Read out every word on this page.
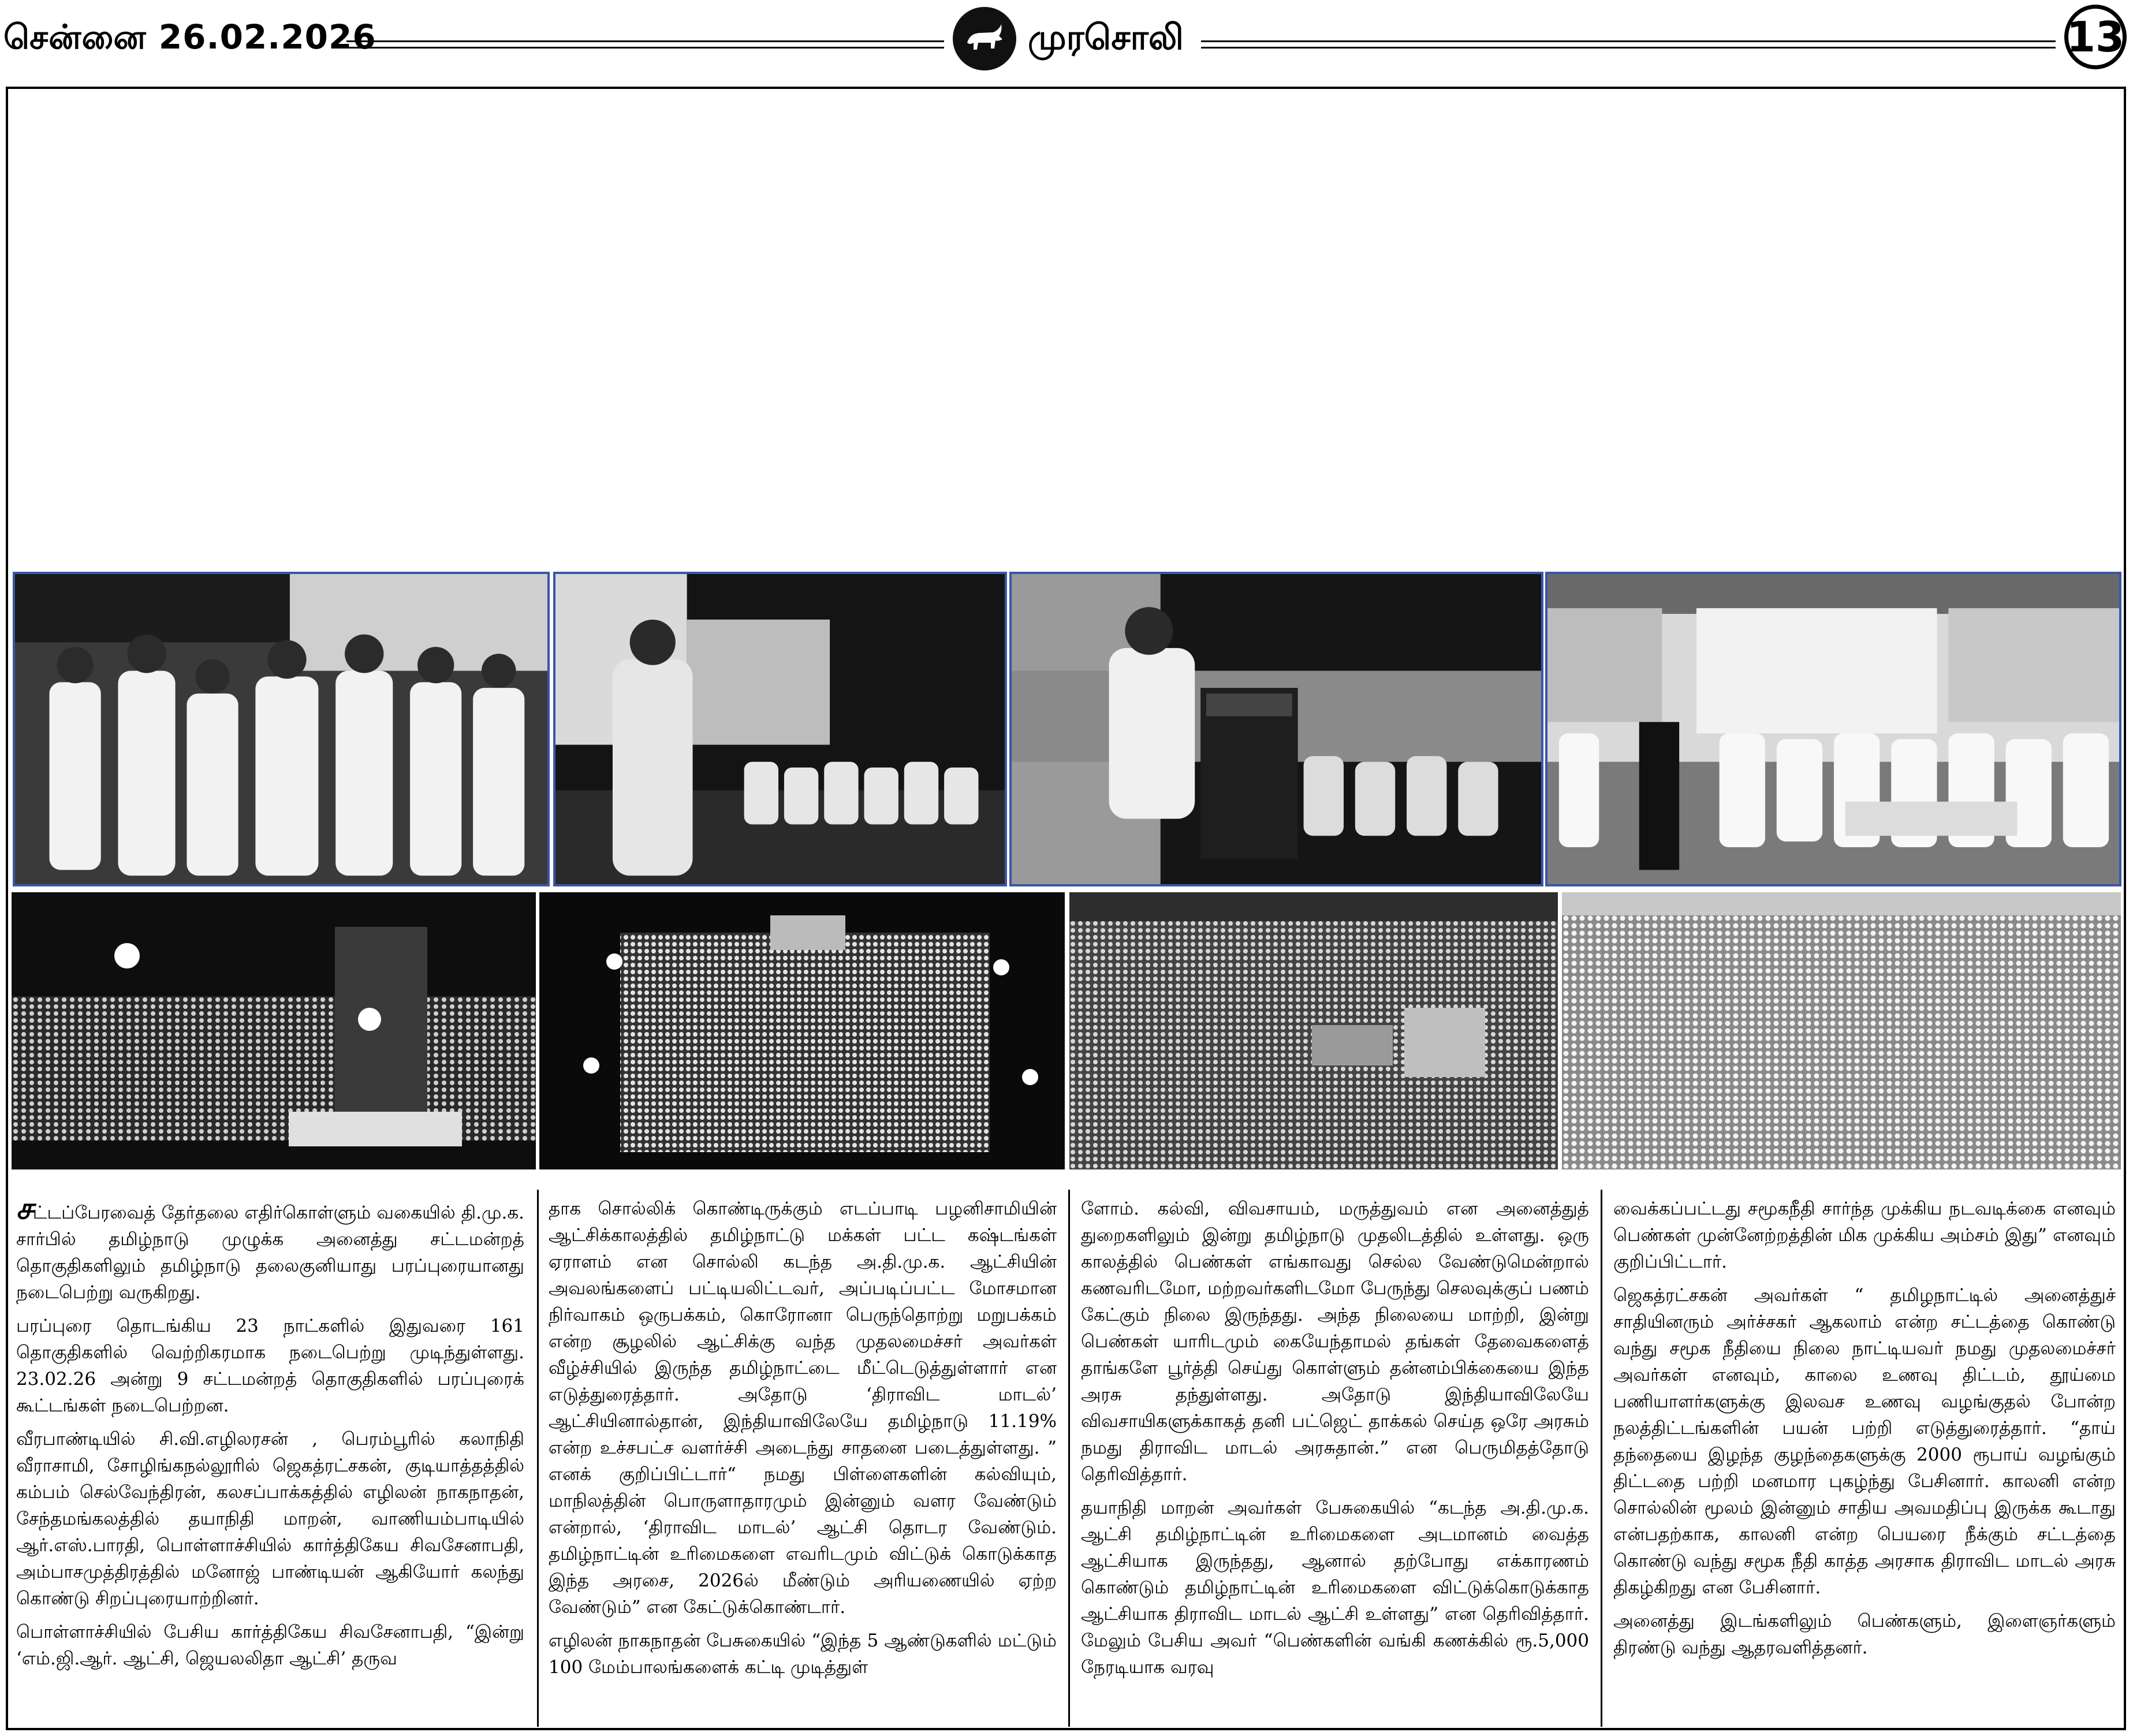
சென்னை 26.02.2026	முரசொலி	13

சட்டப்பேரவைத் தேர்தலை எதிர்கொள்ளும் வகையில் தி.மு.க. சார்பில் தமிழ்நாடு முழுக்க அனைத்து சட்டமன்றத் தொகுதிகளிலும் தமிழ்நாடு தலைகுனியாது பரப்புரையானது நடைபெற்று வருகிறது.

பரப்புரை தொடங்கிய 23 நாட்களில் இதுவரை 161 தொகுதிகளில் வெற்றிகரமாக நடைபெற்று முடிந்துள்ளது. 23.02.26 அன்று 9 சட்டமன்றத் தொகுதிகளில் பரப்புரைக் கூட்டங்கள் நடைபெற்றன.

வீரபாண்டியில் சி.வி.எழிலரசன் , பெரம்பூரில் கலாநிதி வீராசாமி, சோழிங்கநல்லூரில் ஜெகத்ரட்சகன், குடியாத்தத்தில் கம்பம் செல்வேந்திரன், கலசப்பாக்கத்தில் எழிலன் நாகநாதன், சேந்தமங்கலத்தில் தயாநிதி மாறன், வாணியம்பாடியில் ஆர்.எஸ்.பாரதி, பொள்ளாச்சியில் கார்த்திகேய சிவசேனாபதி, அம்பாசமுத்திரத்தில் மனோஜ் பாண்டியன் ஆகியோர் கலந்து கொண்டு சிறப்புரையாற்றினர்.

பொள்ளாச்சியில் பேசிய கார்த்திகேய சிவசேனாபதி, “இன்று ‘எம்.ஜி.ஆர். ஆட்சி, ஜெயலலிதா ஆட்சி’ தருவ

தாக சொல்லிக் கொண்டிருக்கும் எடப்பாடி பழனிசாமியின் ஆட்சிக்காலத்தில் தமிழ்நாட்டு மக்கள் பட்ட கஷ்டங்கள் ஏராளம் என சொல்லி கடந்த அ.தி.மு.க. ஆட்சியின் அவலங்களைப் பட்டியலிட்டவர், அப்படிப்பட்ட மோசமான நிர்வாகம் ஒருபக்கம், கொரோனா பெருந்தொற்று மறுபக்கம் என்ற சூழலில் ஆட்சிக்கு வந்த முதலமைச்சர் அவர்கள் வீழ்ச்சியில் இருந்த தமிழ்நாட்டை மீட்டெடுத்துள்ளார் என எடுத்துரைத்தார். அதோடு ‘திராவிட மாடல்’ ஆட்சியினால்தான், இந்தியாவிலேயே தமிழ்நாடு 11.19% என்ற உச்சபட்ச வளர்ச்சி அடைந்து சாதனை படைத்துள்ளது. ” எனக் குறிப்பிட்டார்“ நமது பிள்ளைகளின் கல்வியும், மாநிலத்தின் பொருளாதாரமும் இன்னும் வளர வேண்டும் என்றால், ‘திராவிட மாடல்’ ஆட்சி தொடர வேண்டும். தமிழ்நாட்டின் உரிமைகளை எவரிடமும் விட்டுக் கொடுக்காத இந்த அரசை, 2026ல் மீண்டும் அரியணையில் ஏற்ற வேண்டும்” என கேட்டுக்கொண்டார்.

எழிலன் நாகநாதன் பேசுகையில் “இந்த 5 ஆண்டுகளில் மட்டும் 100 மேம்பாலங்களைக் கட்டி முடித்துள்

ளோம். கல்வி, விவசாயம், மருத்துவம் என அனைத்துத் துறைகளிலும் இன்று தமிழ்நாடு முதலிடத்தில் உள்ளது. ஒரு காலத்தில் பெண்கள் எங்காவது செல்ல வேண்டுமென்றால் கணவரிடமோ, மற்றவர்களிடமோ பேருந்து செலவுக்குப் பணம் கேட்கும் நிலை இருந்தது. அந்த நிலையை மாற்றி, இன்று பெண்கள் யாரிடமும் கையேந்தாமல் தங்கள் தேவைகளைத் தாங்களே பூர்த்தி செய்து கொள்ளும் தன்னம்பிக்கையை இந்த அரசு தந்துள்ளது. அதோடு இந்தியாவிலேயே விவசாயிகளுக்காகத் தனி பட்ஜெட் தாக்கல் செய்த ஒரே அரசும் நமது திராவிட மாடல் அரசுதான்.” என பெருமிதத்தோடு தெரிவித்தார்.

தயாநிதி மாறன் அவர்கள் பேசுகையில் “கடந்த அ.தி.மு.க. ஆட்சி தமிழ்நாட்டின் உரிமைகளை அடமானம் வைத்த ஆட்சியாக இருந்தது, ஆனால் தற்போது எக்காரணம் கொண்டும் தமிழ்நாட்டின் உரிமைகளை விட்டுக்கொடுக்காத ஆட்சியாக திராவிட மாடல் ஆட்சி உள்ளது” என தெரிவித்தார். மேலும் பேசிய அவர் “பெண்களின் வங்கி கணக்கில் ரூ.5,000 நேரடியாக வரவு

வைக்கப்பட்டது சமூகநீதி சார்ந்த முக்கிய நடவடிக்கை எனவும் பெண்கள் முன்னேற்றத்தின் மிக முக்கிய அம்சம் இது” எனவும் குறிப்பிட்டார்.

ஜெகத்ரட்சகன் அவர்கள் “ தமிழநாட்டில் அனைத்துச் சாதியினரும் அர்ச்சகர் ஆகலாம் என்ற சட்டத்தை கொண்டு வந்து சமூக நீதியை நிலை நாட்டியவர் நமது முதலமைச்சர் அவர்கள் எனவும், காலை உணவு திட்டம், தூய்மை பணியாளர்களுக்கு இலவச உணவு வழங்குதல் போன்ற நலத்திட்டங்களின் பயன் பற்றி எடுத்துரைத்தார். “தாய் தந்தையை இழந்த குழந்தைகளுக்கு 2000 ரூபாய் வழங்கும் திட்டதை பற்றி மனமார புகழ்ந்து பேசினார். காலனி என்ற சொல்லின் மூலம் இன்னும் சாதிய அவமதிப்பு இருக்க கூடாது என்பதற்காக, காலனி என்ற பெயரை நீக்கும் சட்டத்தை கொண்டு வந்து சமூக நீதி காத்த அரசாக திராவிட மாடல் அரசு திகழ்கிறது என பேசினார்.

அனைத்து இடங்களிலும் பெண்களும், இளைஞர்களும் திரண்டு வந்து ஆதரவளித்தனர்.
